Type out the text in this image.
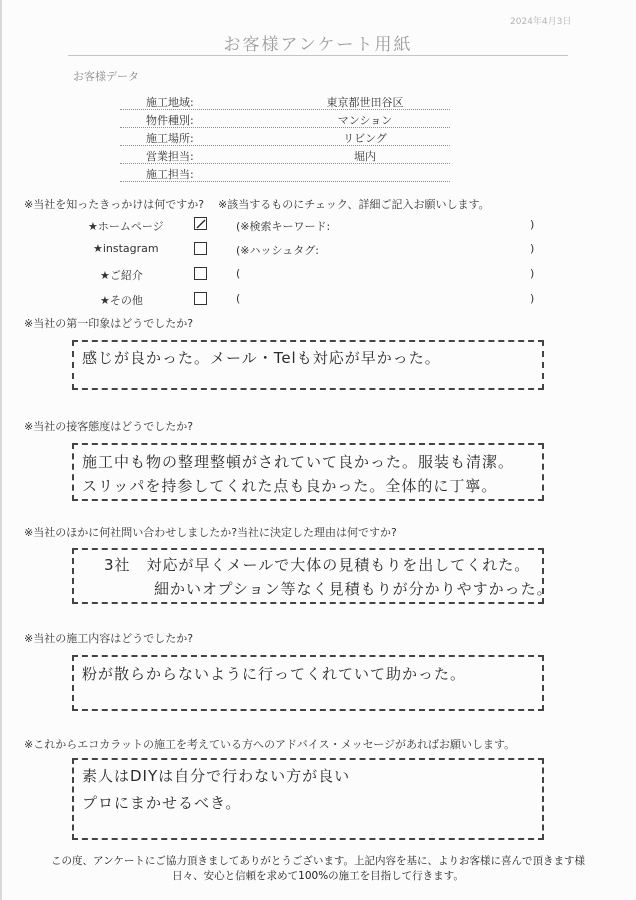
2024年4月3日
お客様アンケート用紙
お客様データ
施工地域:	東京都世田谷区
物件種別:	マンション
施工場所:	リビング
営業担当:	堀内
施工担当:
※当社を知ったきっかけは何ですか? ※該当するものにチェック、詳細ご記入お願いします。
★ホームページ	(※検索キーワード:	)
★instagram	(※ハッシュタグ:	)
★ご紹介	(	)
★その他	(	)
※当社の第一印象はどうでしたか?
感じが良かった。メール・Telも対応が早かった。
※当社の接客態度はどうでしたか?
施工中も物の整理整頓がされていて良かった。服装も清潔。
スリッパを持参してくれた点も良かった。全体的に丁寧。
※当社のほかに何社問い合わせしましたか?当社に決定した理由は何ですか?
3社　対応が早くメールで大体の見積もりを出してくれた。
細かいオプション等なく見積もりが分かりやすかった。
※当社の施工内容はどうでしたか?
粉が散らからないように行ってくれていて助かった。
※これからエコカラットの施工を考えている方へのアドバイス・メッセージがあればお願いします。
素人はDIYは自分で行わない方が良い
プロにまかせるべき。
この度、アンケートにご協力頂きましてありがとうございます。上記内容を基に、よりお客様に喜んで頂きます様
日々、安心と信頼を求めて100%の施工を目指して行きます。
